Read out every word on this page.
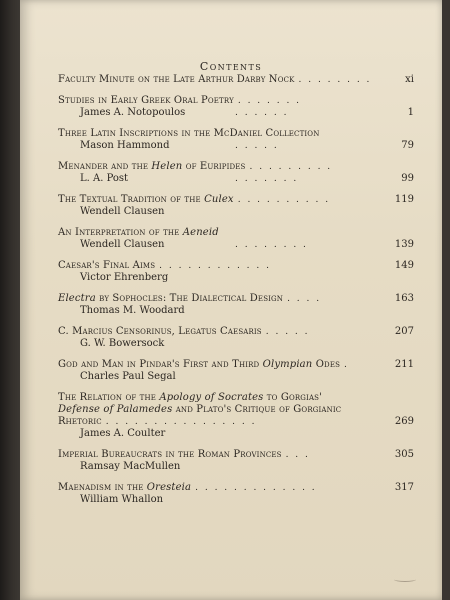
Contents
Faculty Minute on the Late Arthur Darby Nock . . . . . . . .	xi
Studies in Early Greek Oral Poetry . . . . . . .
James A. Notopoulos	. . . . . .	1
Three Latin Inscriptions in the McDaniel Collection
Mason Hammond	. . . . .	79
Menander and the Helen of Euripides . . . . . . . . .
L. A. Post	. . . . . . .	99
The Textual Tradition of the Culex . . . . . . . . . .	119
Wendell Clausen
An Interpretation of the Aeneid
Wendell Clausen	. . . . . . . .	139
Caesar's Final Aims . . . . . . . . . . . .	149
Victor Ehrenberg
Electra by Sophocles: The Dialectical Design . . . .	163
Thomas M. Woodard
C. Marcius Censorinus, Legatus Caesaris . . . . .	207
G. W. Bowersock
God and Man in Pindar's First and Third Olympian Odes .	211
Charles Paul Segal
The Relation of the Apology of Socrates to Gorgias'
Defense of Palamedes and Plato's Critique of Gorgianic
Rhetoric . . . . . . . . . . . . . . . .	269
James A. Coulter
Imperial Bureaucrats in the Roman Provinces . . .	305
Ramsay MacMullen
Maenadism in the Oresteia . . . . . . . . . . . . .	317
William Whallon
